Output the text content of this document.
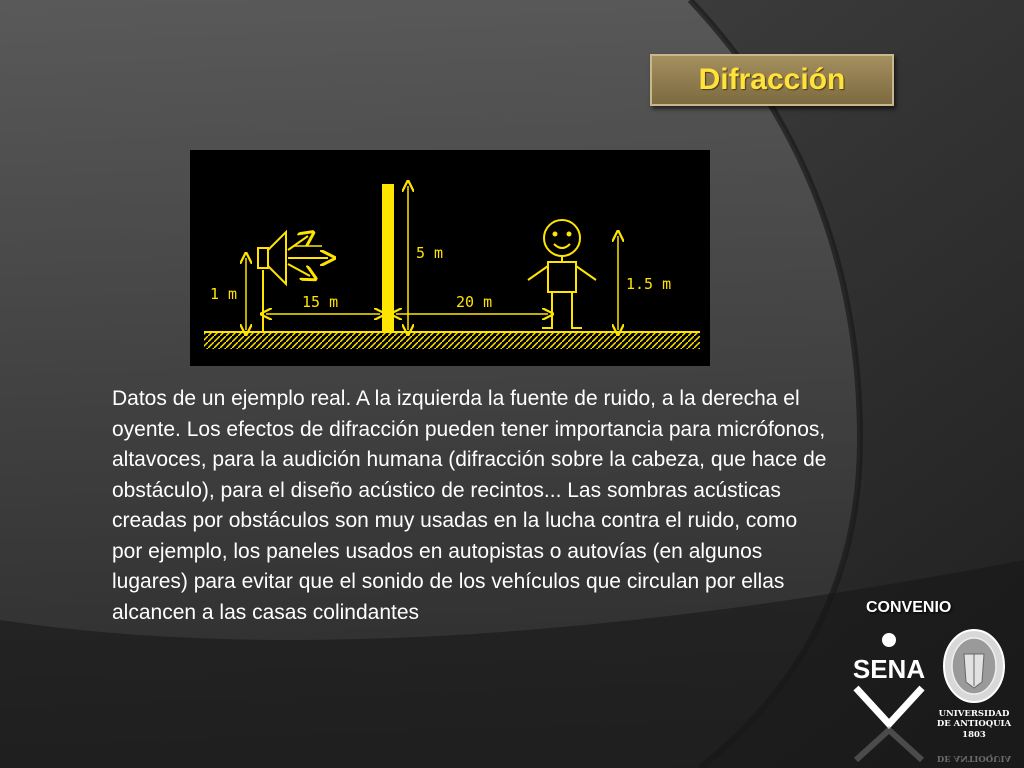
Difracción
1 m	15 m
5 m
20 m
1.5 m
Datos de un ejemplo real. A la izquierda la fuente de ruido, a la derecha el oyente. Los efectos de difracción pueden tener importancia para micrófonos, altavoces, para la audición humana (difracción sobre la cabeza, que hace de obstáculo), para el diseño acústico de recintos... Las sombras acústicas creadas por obstáculos son muy usadas en la lucha contra el ruido, como por ejemplo, los paneles usados en autopistas o autovías (en algunos lugares) para evitar que el sonido de los vehículos que circulan por ellas alcancen a las casas colindantes	CONVENIO
SENA
UNIVERSIDAD
DE ANTIOQUIA
1803
DE ANTIOQUIA
